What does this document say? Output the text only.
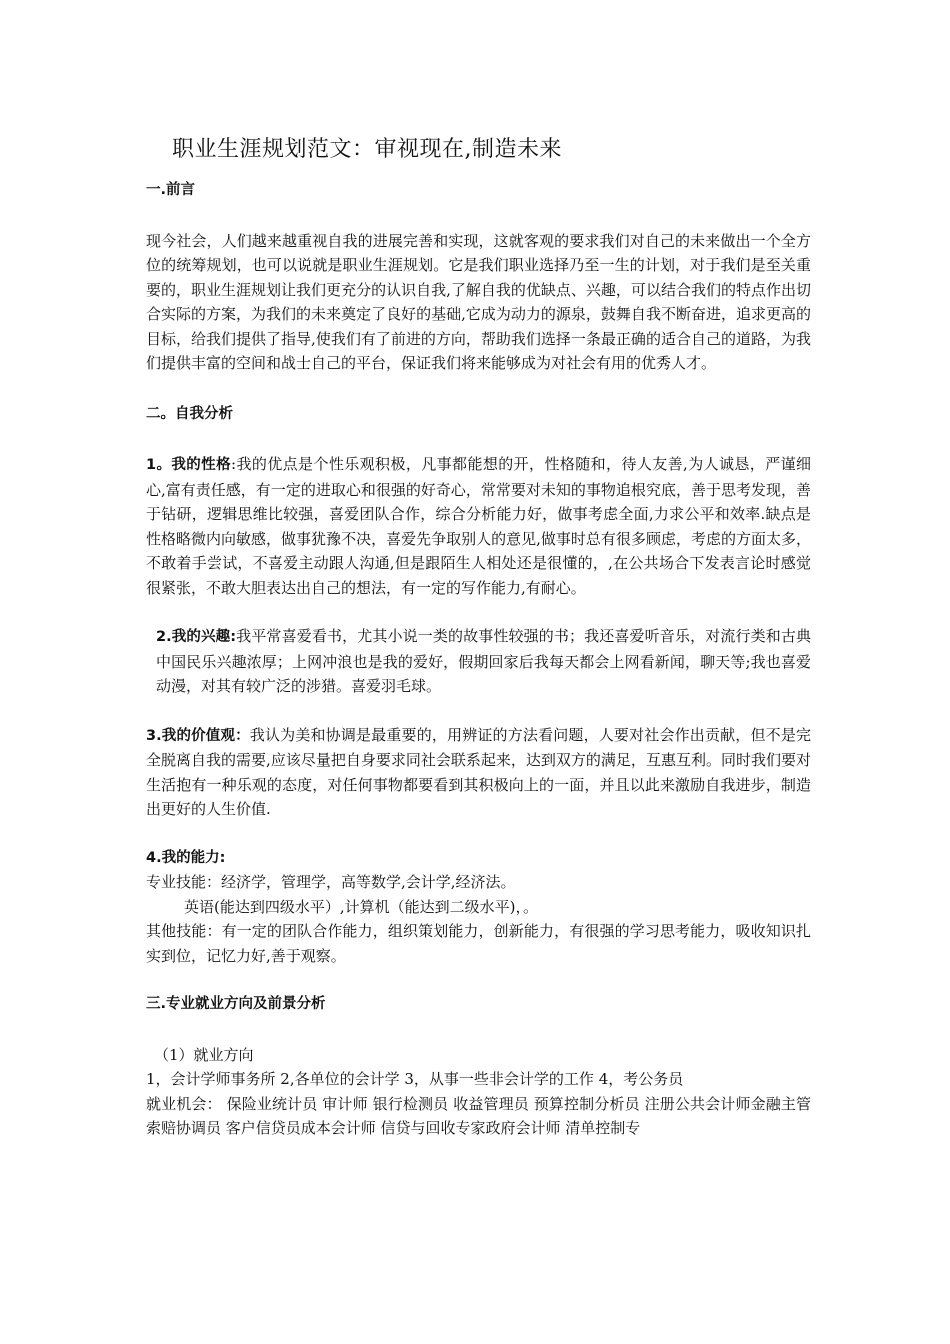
职业生涯规划范文：审视现在,制造未来
一.前言

现今社会，人们越来越重视自我的进展完善和实现，这就客观的要求我们对自己的未来做出一个全方位的统筹规划，也可以说就是职业生涯规划。它是我们职业选择乃至一生的计划，对于我们是至关重要的，职业生涯规划让我们更充分的认识自我,了解自我的优缺点、兴趣，可以结合我们的特点作出切合实际的方案，为我们的未来奠定了良好的基础,它成为动力的源泉，鼓舞自我不断奋进，追求更高的目标，给我们提供了指导,使我们有了前进的方向，帮助我们选择一条最正确的适合自己的道路，为我们提供丰富的空间和战士自己的平台，保证我们将来能够成为对社会有用的优秀人才。

二。自我分析

1。我的性格:我的优点是个性乐观积极，凡事都能想的开，性格随和，待人友善,为人诚恳，严谨细心,富有责任感，有一定的进取心和很强的好奇心，常常要对未知的事物追根究底，善于思考发现，善于钻研，逻辑思维比较强，喜爱团队合作，综合分析能力好，做事考虑全面,力求公平和效率.缺点是性格略微内向敏感，做事犹豫不决，喜爱先争取别人的意见,做事时总有很多顾虑，考虑的方面太多，不敢着手尝试，不喜爱主动跟人沟通,但是跟陌生人相处还是很懂的，,在公共场合下发表言论时感觉很紧张，不敢大胆表达出自己的想法，有一定的写作能力,有耐心。

2.我的兴趣:我平常喜爱看书，尤其小说一类的故事性较强的书；我还喜爱听音乐，对流行类和古典中国民乐兴趣浓厚；上网冲浪也是我的爱好，假期回家后我每天都会上网看新闻，聊天等;我也喜爱动漫，对其有较广泛的涉猎。喜爱羽毛球。

3.我的价值观：我认为美和协调是最重要的，用辨证的方法看问题，人要对社会作出贡献，但不是完全脱离自我的需要,应该尽量把自身要求同社会联系起来，达到双方的满足，互惠互利。同时我们要对生活抱有一种乐观的态度，对任何事物都要看到其积极向上的一面，并且以此来激励自我进步，制造出更好的人生价值.

4.我的能力:

专业技能：经济学，管理学，高等数学,会计学,经济法。

英语(能达到四级水平）,计算机（能达到二级水平)，。

其他技能：有一定的团队合作能力，组织策划能力，创新能力，有很强的学习思考能力，吸收知识扎实到位，记忆力好,善于观察。

三.专业就业方向及前景分析

（1）就业方向

1，会计学师事务所 2,各单位的会计学 3，从事一些非会计学的工作 4，考公务员

就业机会： 保险业统计员 审计师 银行检测员 收益管理员 预算控制分析员 注册公共会计师金融主管索赔协调员 客户信贷员成本会计师 信贷与回收专家政府会计师 清单控制专
